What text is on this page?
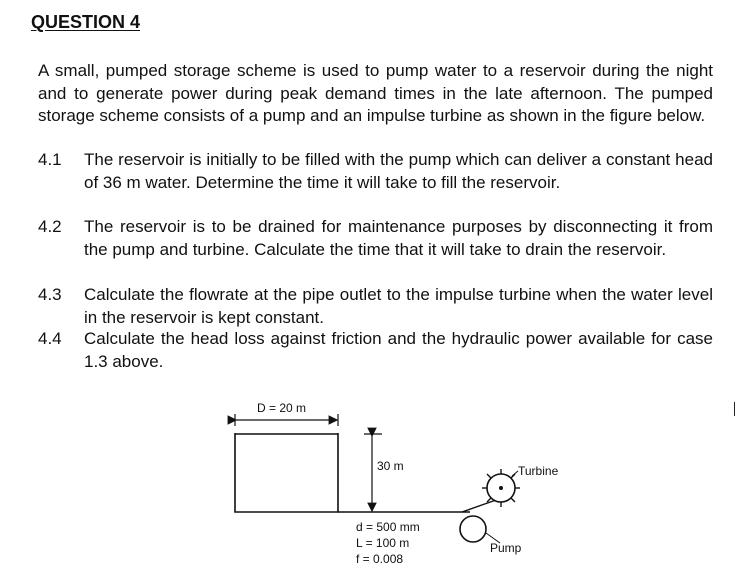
QUESTION 4
A small, pumped storage scheme is used to pump water to a reservoir during the night and to generate power during peak demand times in the late afternoon. The pumped storage scheme consists of a pump and an impulse turbine as shown in the figure below.
4.1 The reservoir is initially to be filled with the pump which can deliver a constant head of 36 m water. Determine the time it will take to fill the reservoir.
4.2 The reservoir is to be drained for maintenance purposes by disconnecting it from the pump and turbine. Calculate the time that it will take to drain the reservoir.
4.3 Calculate the flowrate at the pipe outlet to the impulse turbine when the water level in the reservoir is kept constant.
4.4 Calculate the head loss against friction and the hydraulic power available for case 1.3 above.
D = 20 m
30 m
Pump
Turbine
d = 500 mm
L = 100 m
f = 0.008
